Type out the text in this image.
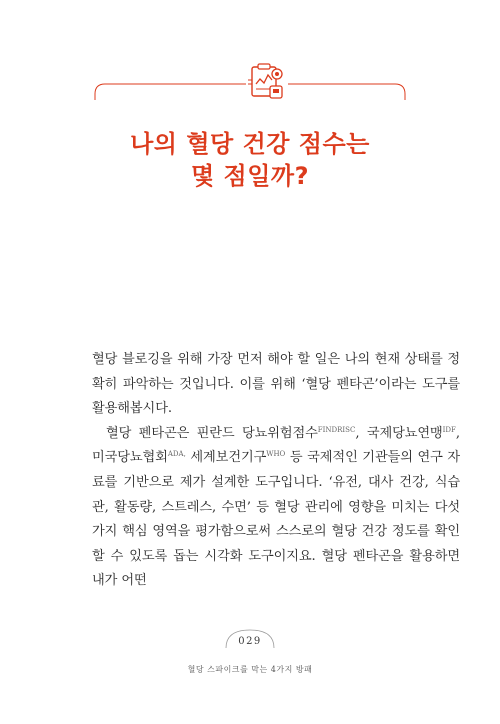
나의 혈당 건강 점수는
몇 점일까?

혈당 블로깅을 위해 가장 먼저 해야 할 일은 나의 현재 상태를 정확히 파악하는 것입니다. 이를 위해 ‘혈당 펜타곤’이라는 도구를 활용해봅시다.

혈당 펜타곤은 핀란드 당뇨위험점수$^{FINDRISC}$, 국제당뇨연맹$^{IDF}$, 미국당뇨협회$^{ADA,}$ 세계보건기구$^{WHO}$ 등 국제적인 기관들의 연구 자료를 기반으로 제가 설계한 도구입니다. ‘유전, 대사 건강, 식습관, 활동량, 스트레스, 수면’ 등 혈당 관리에 영향을 미치는 다섯 가지 핵심 영역을 평가함으로써 스스로의 혈당 건강 정도를 확인할 수 있도록 돕는 시각화 도구이지요. 혈당 펜타곤을 활용하면 내가 어떤

029
혈당 스파이크를 막는 4가지 방패
